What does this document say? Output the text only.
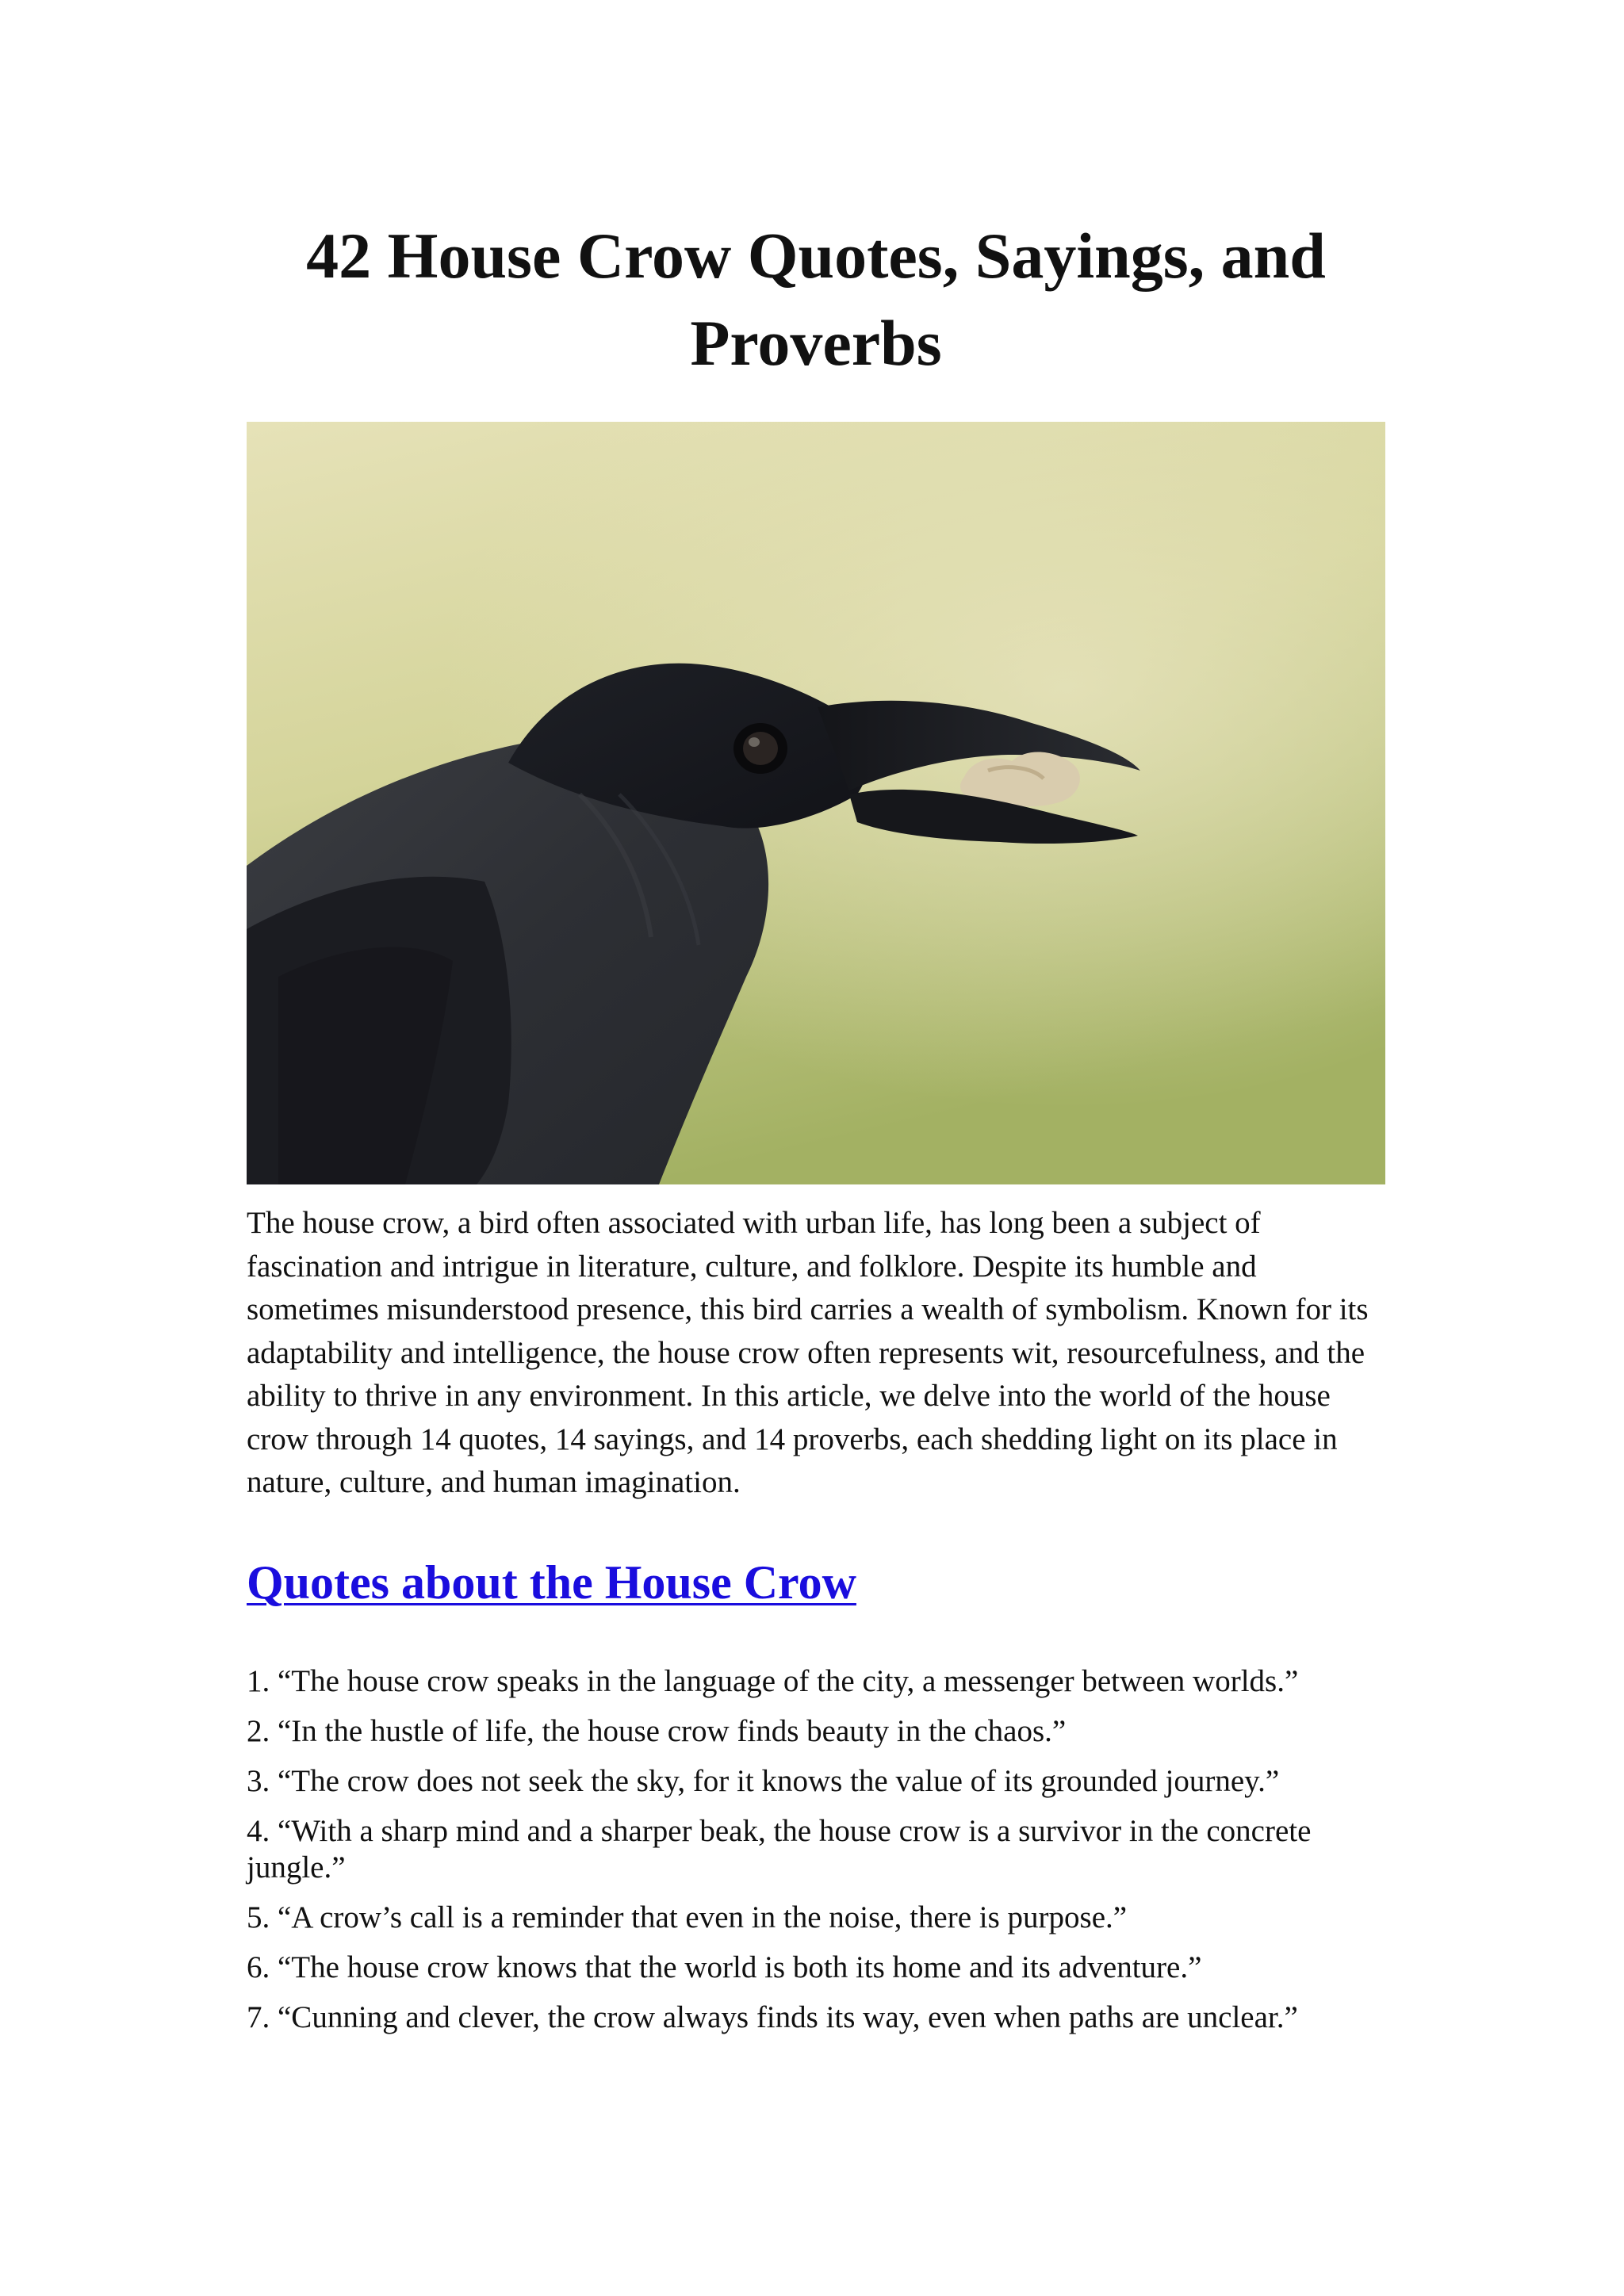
42 House Crow Quotes, Sayings, and Proverbs

The house crow, a bird often associated with urban life, has long been a subject of fascination and intrigue in literature, culture, and folklore. Despite its humble and sometimes misunderstood presence, this bird carries a wealth of symbolism. Known for its adaptability and intelligence, the house crow often represents wit, resourcefulness, and the ability to thrive in any environment. In this article, we delve into the world of the house crow through 14 quotes, 14 sayings, and 14 proverbs, each shedding light on its place in nature, culture, and human imagination.

Quotes about the House Crow
1. “The house crow speaks in the language of the city, a messenger between worlds.”
2. “In the hustle of life, the house crow finds beauty in the chaos.”
3. “The crow does not seek the sky, for it knows the value of its grounded journey.”
4. “With a sharp mind and a sharper beak, the house crow is a survivor in the concrete jungle.”
5. “A crow’s call is a reminder that even in the noise, there is purpose.”
6. “The house crow knows that the world is both its home and its adventure.”
7. “Cunning and clever, the crow always finds its way, even when paths are unclear.”
